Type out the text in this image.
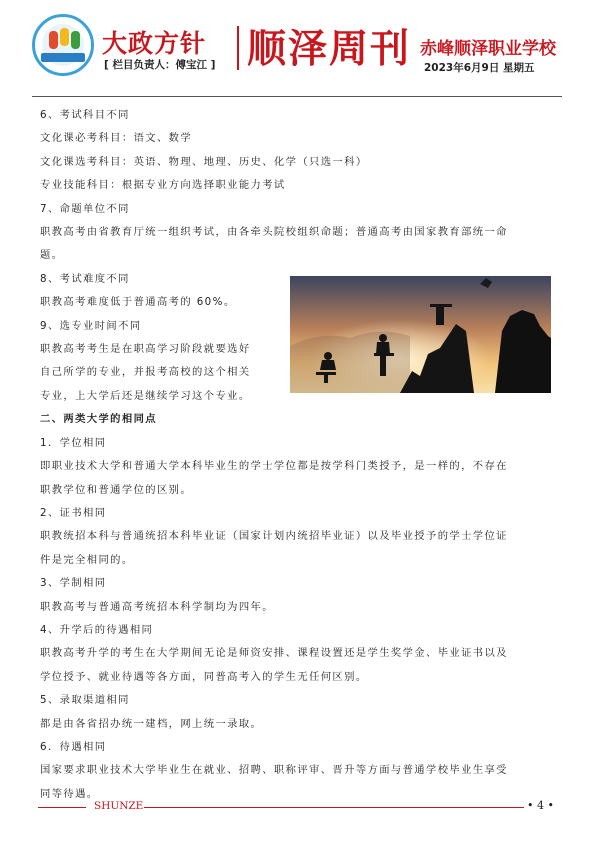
大政方针
[ 栏目负责人：傅宝江 ] 顺泽周刊 赤峰顺泽职业学校
2023年6月9日 星期五

6、考试科目不同

文化课必考科目：语文、数学

文化课选考科目：英语、物理、地理、历史、化学（只选一科）

专业技能科目：根据专业方向选择职业能力考试

7、命题单位不同

职教高考由省教育厅统一组织考试，由各牵头院校组织命题；普通高考由国家教育部统一命

题。

8、考试难度不同

职教高考难度低于普通高考的 60%。

9、选专业时间不同

职教高考考生是在职高学习阶段就要选好

自己所学的专业，并报考高校的这个相关

专业，上大学后还是继续学习这个专业。

二、两类大学的相同点

1．学位相同

即职业技术大学和普通大学本科毕业生的学士学位都是按学科门类授予，是一样的，不存在

职教学位和普通学位的区别。

2、证书相同

职教统招本科与普通统招本科毕业证（国家计划内统招毕业证）以及毕业授予的学士学位证

件是完全相同的。

3、学制相同

职教高考与普通高考统招本科学制均为四年。

4、升学后的待遇相同

职教高考升学的考生在大学期间无论是师资安排、课程设置还是学生奖学金、毕业证书以及

学位授予、就业待遇等各方面，同普高考入的学生无任何区别。

5、录取渠道相同

都是由各省招办统一建档，网上统一录取。

6．待遇相同

国家要求职业技术大学毕业生在就业、招聘、职称评审、晋升等方面与普通学校毕业生享受

同等待遇。

SHUNZE	• 4 •
